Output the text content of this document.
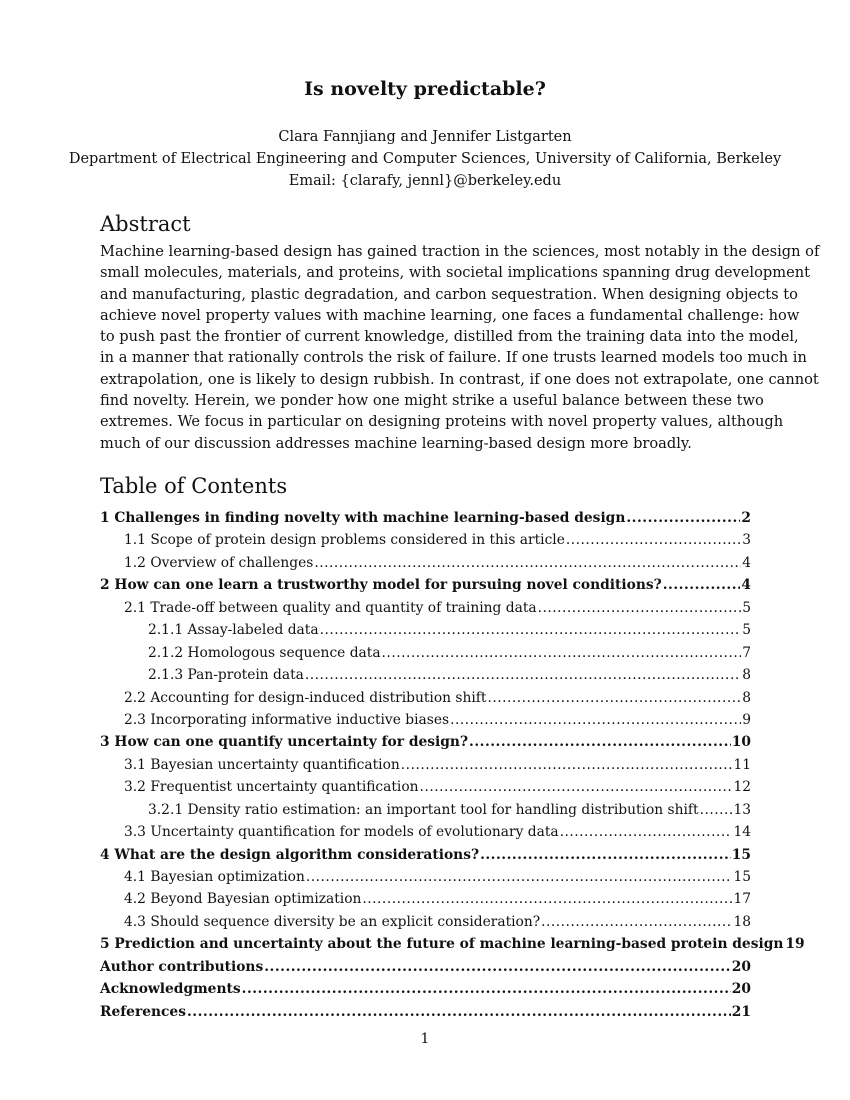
Is novelty predictable?
Clara Fannjiang and Jennifer Listgarten
Department of Electrical Engineering and Computer Sciences, University of California, Berkeley
Email: {clarafy, jennl}@berkeley.edu
Abstract
Machine learning-based design has gained traction in the sciences, most notably in the design of
small molecules, materials, and proteins, with societal implications spanning drug development
and manufacturing, plastic degradation, and carbon sequestration. When designing objects to
achieve novel property values with machine learning, one faces a fundamental challenge: how
to push past the frontier of current knowledge, distilled from the training data into the model,
in a manner that rationally controls the risk of failure. If one trusts learned models too much in
extrapolation, one is likely to design rubbish. In contrast, if one does not extrapolate, one cannot
find novelty. Herein, we ponder how one might strike a useful balance between these two
extremes. We focus in particular on designing proteins with novel property values, although
much of our discussion addresses machine learning-based design more broadly.
Table of Contents
1 Challenges in finding novelty with machine learning-based design .....	2
1.1 Scope of protein design problems considered in this article .....	3
1.2 Overview of challenges .....	4
2 How can one learn a trustworthy model for pursuing novel conditions? .....	4
2.1 Trade-off between quality and quantity of training data .....	5
2.1.1 Assay-labeled data .....	5
2.1.2 Homologous sequence data .....	7
2.1.3 Pan-protein data .....	8
2.2 Accounting for design-induced distribution shift .....	8
2.3 Incorporating informative inductive biases .....	9
3 How can one quantify uncertainty for design? .....	10
3.1 Bayesian uncertainty quantification .....	11
3.2 Frequentist uncertainty quantification .....	12
3.2.1 Density ratio estimation: an important tool for handling distribution shift .....	13
3.3 Uncertainty quantification for models of evolutionary data .....	14
4 What are the design algorithm considerations? .....	15
4.1 Bayesian optimization .....	15
4.2 Beyond Bayesian optimization .....	17
4.3 Should sequence diversity be an explicit consideration? .....	18
5 Prediction and uncertainty about the future of machine learning-based protein design 19
Author contributions .....	20
Acknowledgments .....	20
References .....	21
1
